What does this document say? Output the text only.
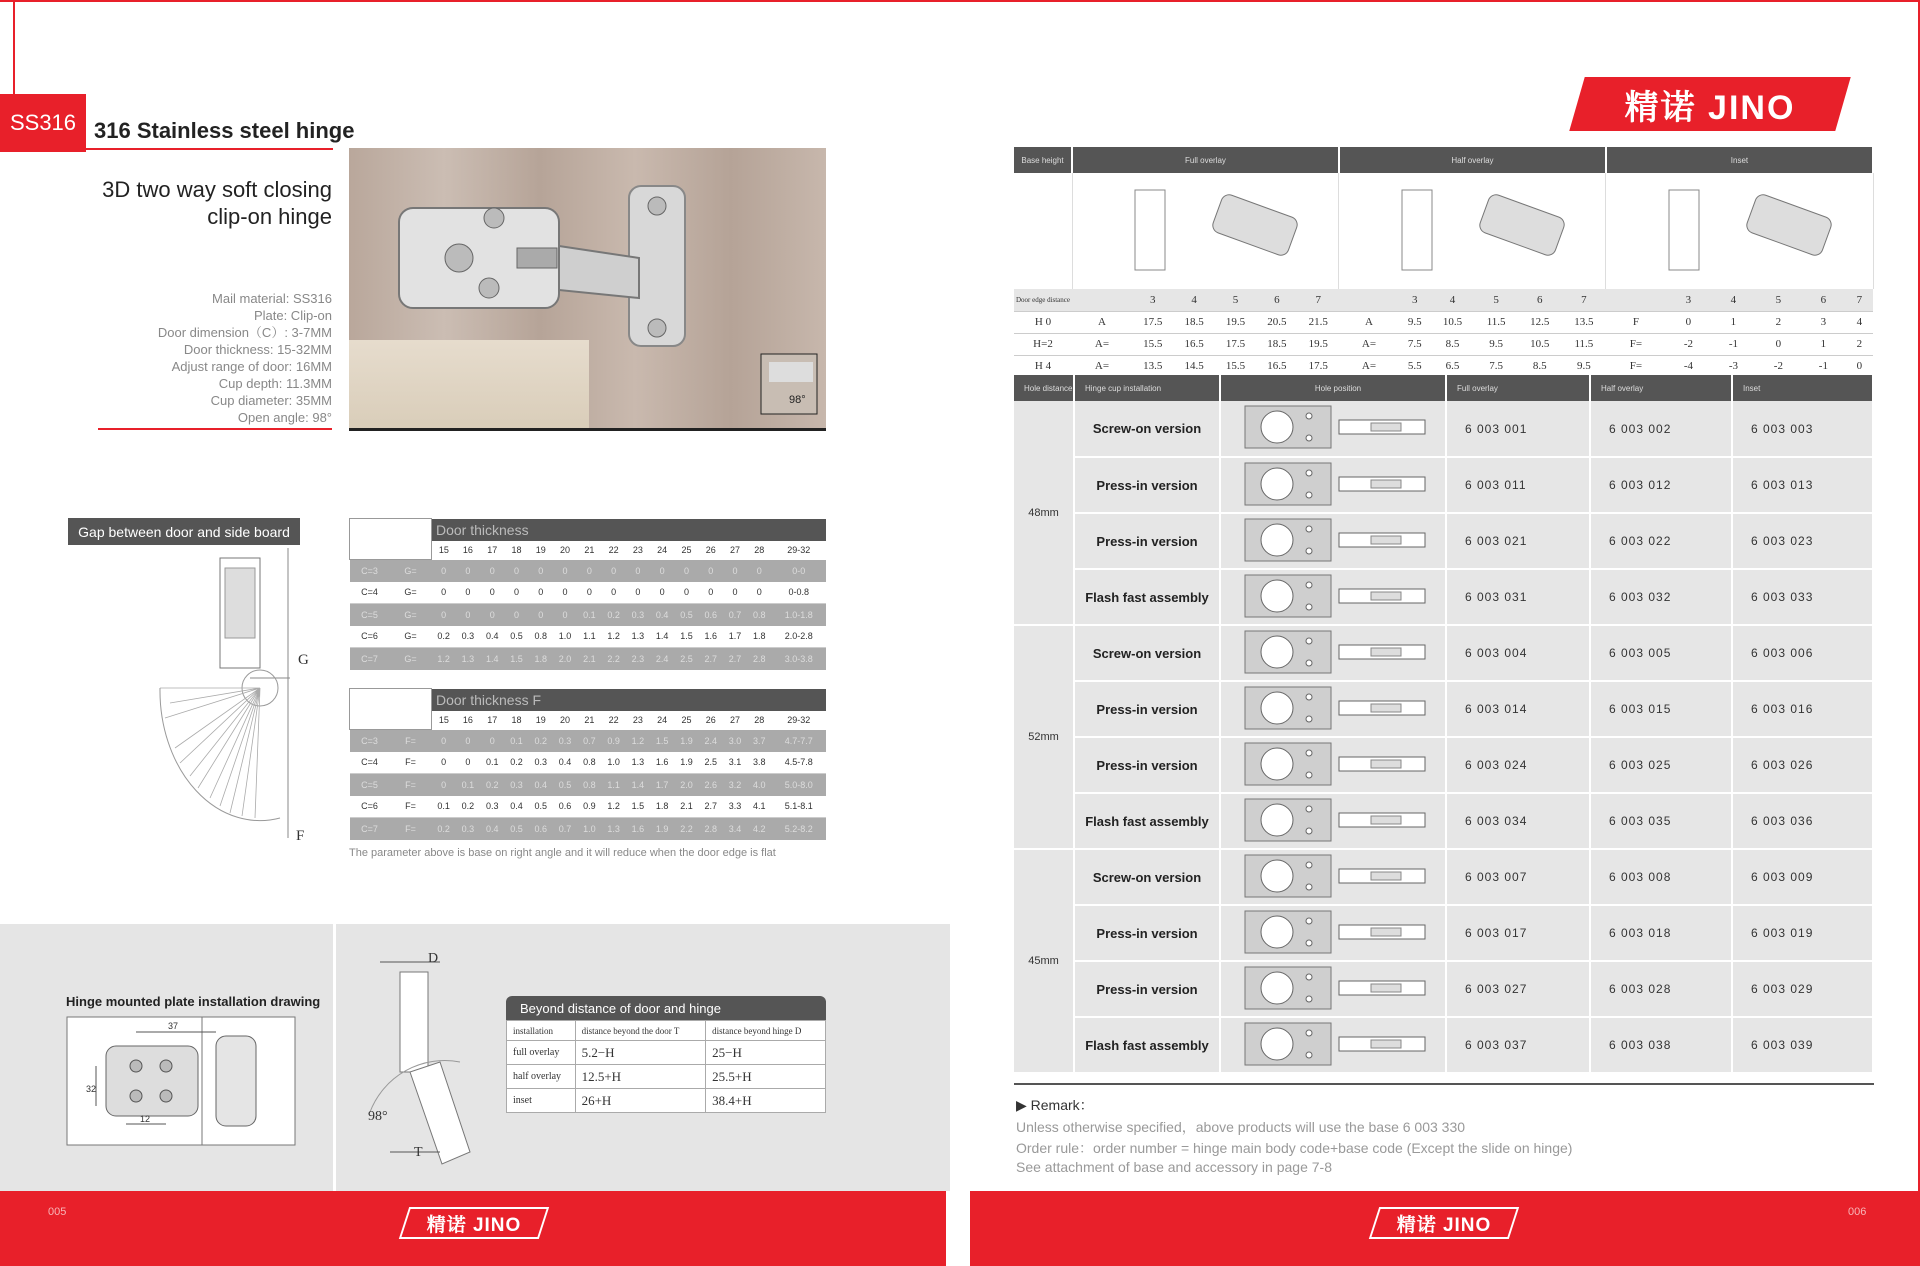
SS316 316 Stainless steel hinge
3D two way soft closing
clip-on hinge
Mail material: SS316
Plate: Clip-on
Door dimension（C）: 3-7MM
Door thickness: 15-32MM
Adjust range of door: 16MM
Cup depth: 11.3MM
Cup diameter: 35MM
Open angle: 98°
98°
Gap between door and side board
G
F
		Door thickness														
		15	16	17	18	19	20	21	22	23	24	25	26	27	28	29-32
C=3	G=	0	0	0	0	0	0	0	0	0	0	0	0	0	0	0-0
C=4	G=	0	0	0	0	0	0	0	0	0	0	0	0	0	0	0-0.8
C=5	G=	0	0	0	0	0	0	0.1	0.2	0.3	0.4	0.5	0.6	0.7	0.8	1.0-1.8
C=6	G=	0.2	0.3	0.4	0.5	0.8	1.0	1.1	1.2	1.3	1.4	1.5	1.6	1.7	1.8	2.0-2.8
C=7	G=	1.2	1.3	1.4	1.5	1.8	2.0	2.1	2.2	2.3	2.4	2.5	2.7	2.7	2.8	3.0-3.8
		Door thickness F														
		15	16	17	18	19	20	21	22	23	24	25	26	27	28	29-32
C=3	F=	0	0	0	0.1	0.2	0.3	0.7	0.9	1.2	1.5	1.9	2.4	3.0	3.7	4.7-7.7
C=4	F=	0	0	0.1	0.2	0.3	0.4	0.8	1.0	1.3	1.6	1.9	2.5	3.1	3.8	4.5-7.8
C=5	F=	0	0.1	0.2	0.3	0.4	0.5	0.8	1.1	1.4	1.7	2.0	2.6	3.2	4.0	5.0-8.0
C=6	F=	0.1	0.2	0.3	0.4	0.5	0.6	0.9	1.2	1.5	1.8	2.1	2.7	3.3	4.1	5.1-8.1
C=7	F=	0.2	0.3	0.4	0.5	0.6	0.7	1.0	1.3	1.6	1.9	2.2	2.8	3.4	4.2	5.2-8.2
The parameter above is base on right angle and it will reduce when the door edge is flat
Hinge mounted plate installation drawing
37
32
12
D
98°
T
Beyond distance of door and hinge
installation	distance beyond the door T	distance beyond hinge D
full overlay	5.2−H	25−H
half overlay	12.5+H	25.5+H
inset	26+H	38.4+H
005
精诺 JINO
精诺 JINO
Base height	Full overlay						Half overlay						Inset					

Door edge distance		3	4	5	6	7		3	4	5	6	7		3	4	5	6	7
H 0	A	17.5	18.5	19.5	20.5	21.5	A	9.5	10.5	11.5	12.5	13.5	F	0	1	2	3	4
H=2	A=	15.5	16.5	17.5	18.5	19.5	A=	7.5	8.5	9.5	10.5	11.5	F=	-2	-1	0	1	2
H 4	A=	13.5	14.5	15.5	16.5	17.5	A=	5.5	6.5	7.5	8.5	9.5	F=	-4	-3	-2	-1	0
Hole distance	Hinge cup installation	Hole position	Full overlay	Half overlay	Inset
48mm	Screw-on version		6 003 001	6 003 002	6 003 003
	Press-in version		6 003 011	6 003 012	6 003 013
	Press-in version		6 003 021	6 003 022	6 003 023
	Flash fast assembly		6 003 031	6 003 032	6 003 033
52mm	Screw-on version		6 003 004	6 003 005	6 003 006
	Press-in version		6 003 014	6 003 015	6 003 016
	Press-in version		6 003 024	6 003 025	6 003 026
	Flash fast assembly		6 003 034	6 003 035	6 003 036
45mm	Screw-on version		6 003 007	6 003 008	6 003 009
	Press-in version		6 003 017	6 003 018	6 003 019
	Press-in version		6 003 027	6 003 028	6 003 029
	Flash fast assembly		6 003 037	6 003 038	6 003 039
▶ Remark：
Unless otherwise specified，above products will use the base 6 003 330
Order rule：order number = hinge main body code+base code (Except the slide on hinge)
See attachment of base and accessory in page 7-8
006
精诺 JINO
